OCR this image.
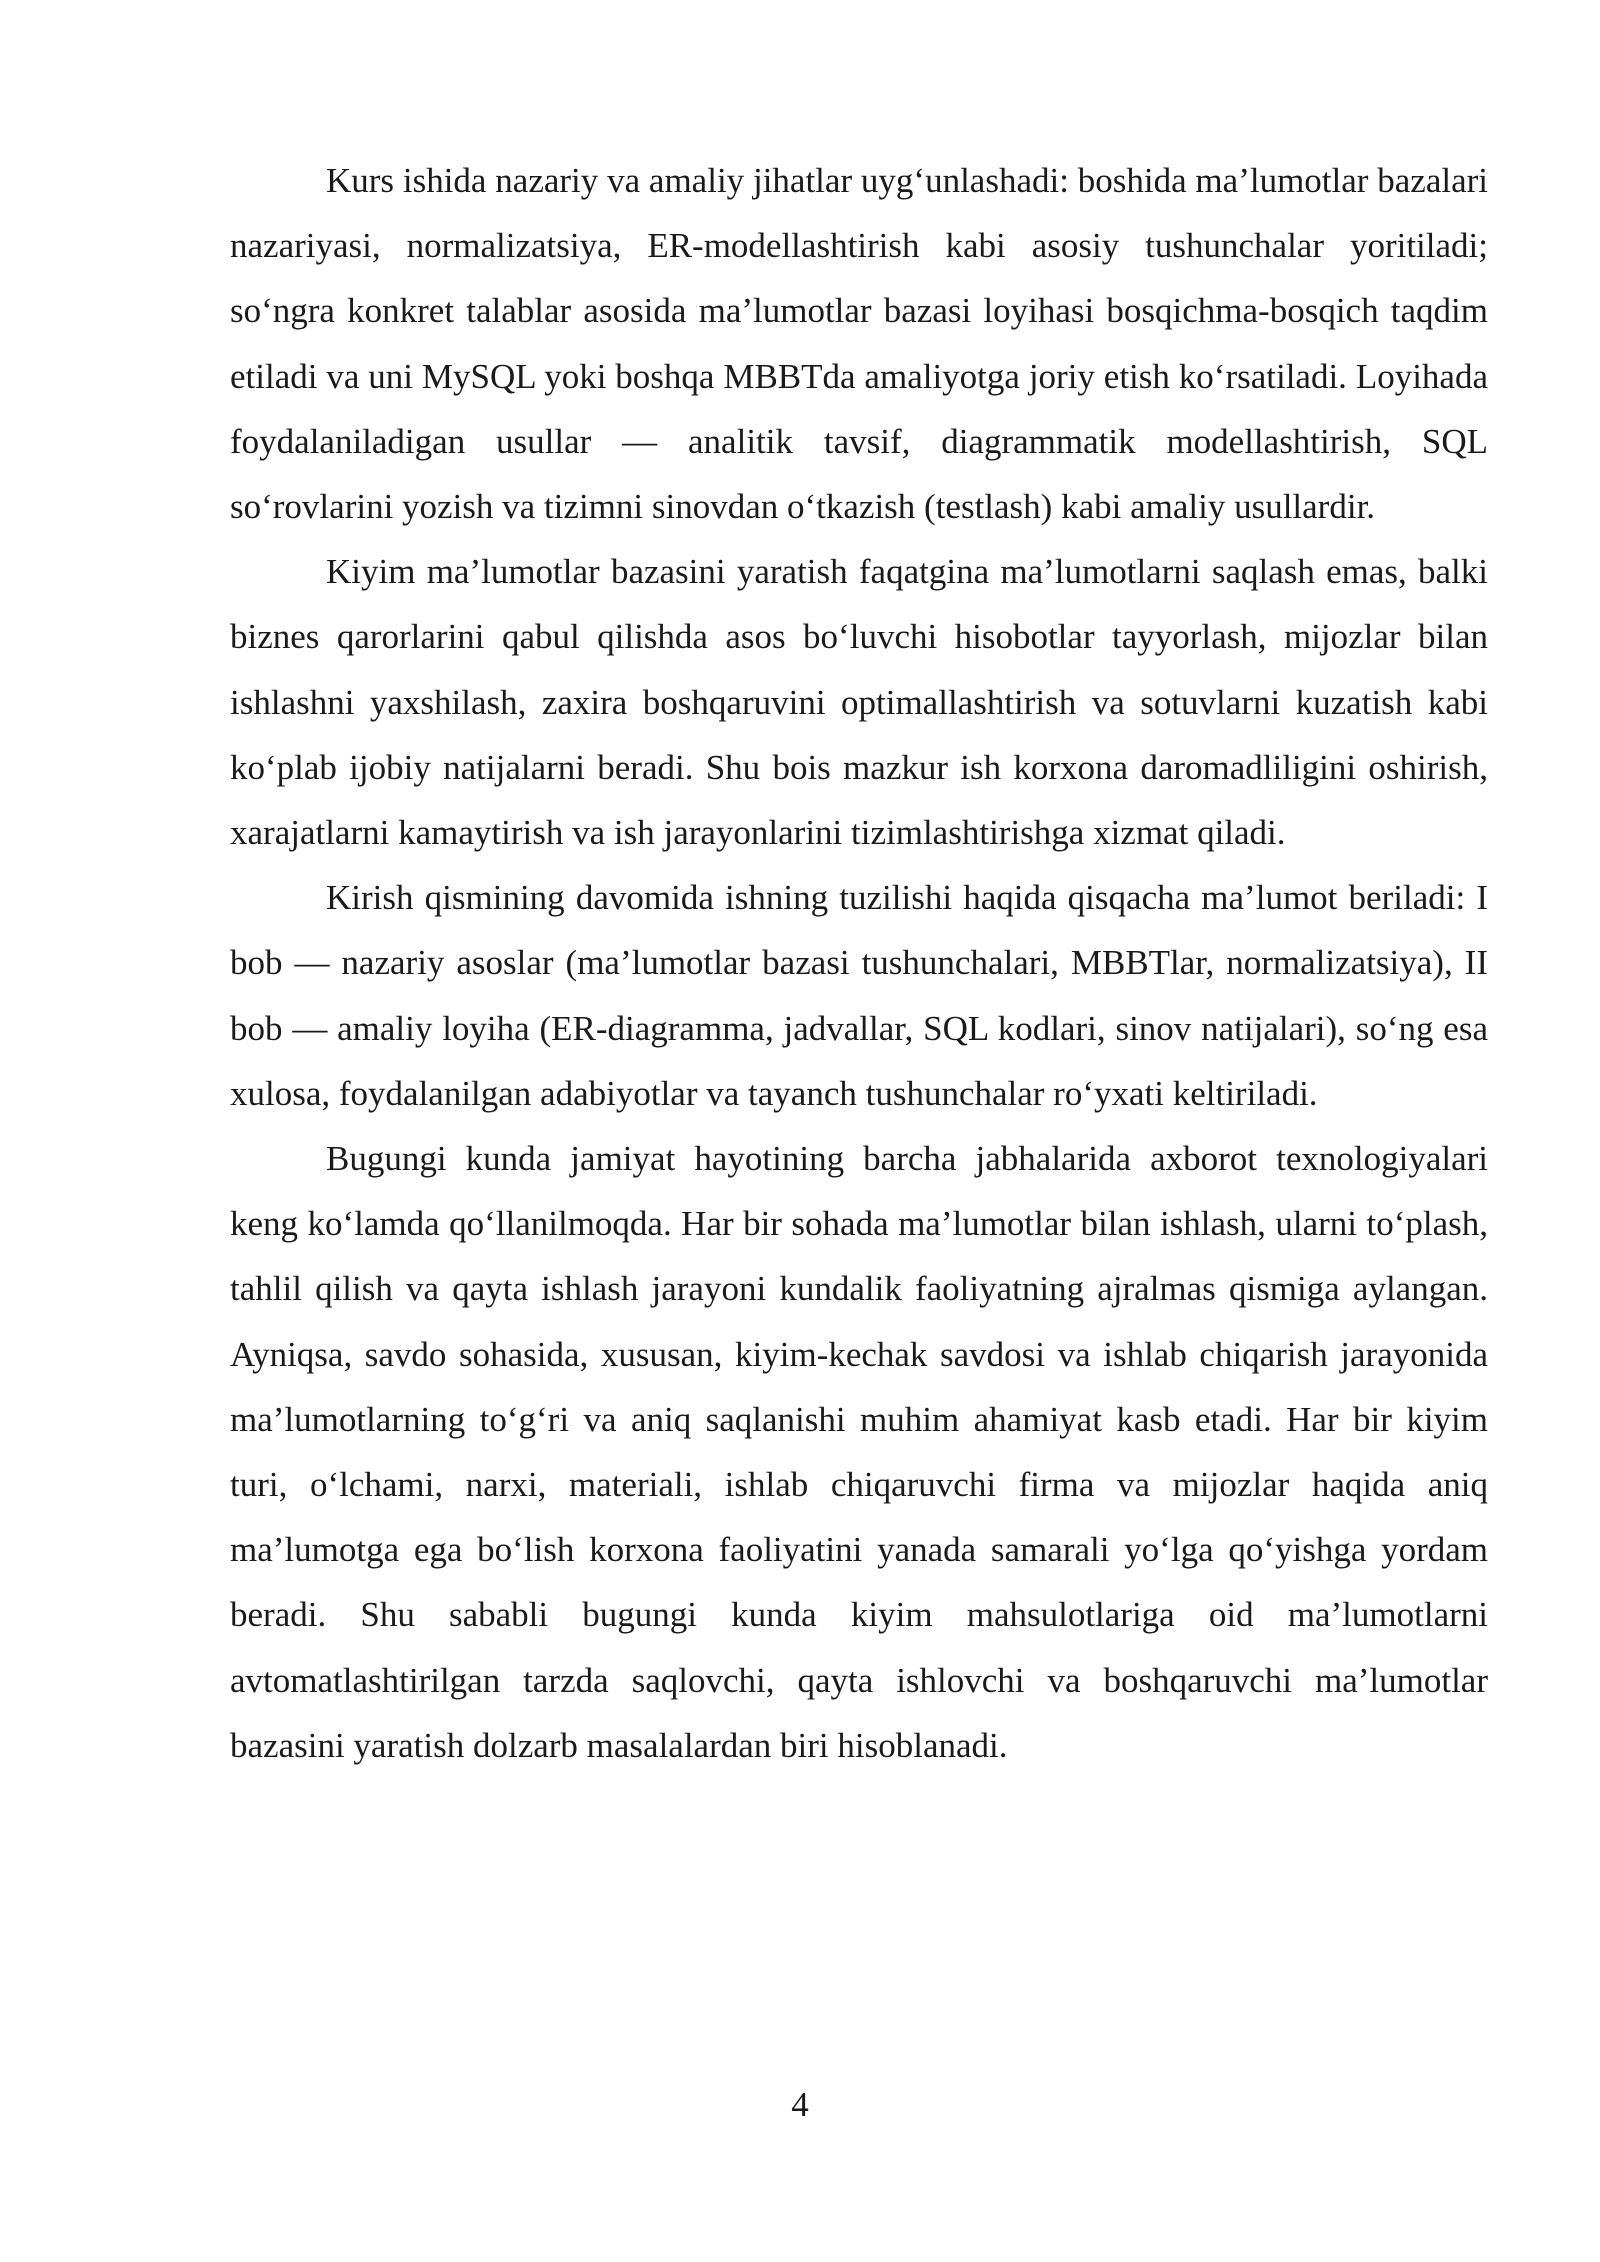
Kurs ishida nazariy va amaliy jihatlar uyg‘unlashadi: boshida ma’lumotlar bazalari nazariyasi, normalizatsiya, ER-modellashtirish kabi asosiy tushunchalar yoritiladi; so‘ngra konkret talablar asosida ma’lumotlar bazasi loyihasi bosqichma-bosqich taqdim etiladi va uni MySQL yoki boshqa MBBTda amaliyotga joriy etish ko‘rsatiladi. Loyihada foydalaniladigan usullar — analitik tavsif, diagrammatik modellashtirish, SQL so‘rovlarini yozish va tizimni sinovdan o‘tkazish (testlash) kabi amaliy usullardir.

Kiyim ma’lumotlar bazasini yaratish faqatgina ma’lumotlarni saqlash emas, balki biznes qarorlarini qabul qilishda asos bo‘luvchi hisobotlar tayyorlash, mijozlar bilan ishlashni yaxshilash, zaxira boshqaruvini optimallashtirish va sotuvlarni kuzatish kabi ko‘plab ijobiy natijalarni beradi. Shu bois mazkur ish korxona daromadliligini oshirish, xarajatlarni kamaytirish va ish jarayonlarini tizimlashtirishga xizmat qiladi.

Kirish qismining davomida ishning tuzilishi haqida qisqacha ma’lumot beriladi: I bob — nazariy asoslar (ma’lumotlar bazasi tushunchalari, MBBTlar, normalizatsiya), II bob — amaliy loyiha (ER-diagramma, jadvallar, SQL kodlari, sinov natijalari), so‘ng esa xulosa, foydalanilgan adabiyotlar va tayanch tushunchalar ro‘yxati keltiriladi.

Bugungi kunda jamiyat hayotining barcha jabhalarida axborot texnologiyalari keng ko‘lamda qo‘llanilmoqda. Har bir sohada ma’lumotlar bilan ishlash, ularni to‘plash, tahlil qilish va qayta ishlash jarayoni kundalik faoliyatning ajralmas qismiga aylangan. Ayniqsa, savdo sohasida, xususan, kiyim-kechak savdosi va ishlab chiqarish jarayonida ma’lumotlarning to‘g‘ri va aniq saqlanishi muhim ahamiyat kasb etadi. Har bir kiyim turi, o‘lchami, narxi, materiali, ishlab chiqaruvchi firma va mijozlar haqida aniq ma’lumotga ega bo‘lish korxona faoliyatini yanada samarali yo‘lga qo‘yishga yordam beradi. Shu sababli bugungi kunda kiyim mahsulotlariga oid ma’lumotlarni avtomatlashtirilgan tarzda saqlovchi, qayta ishlovchi va boshqaruvchi ma’lumotlar bazasini yaratish dolzarb masalalardan biri hisoblanadi.

4
